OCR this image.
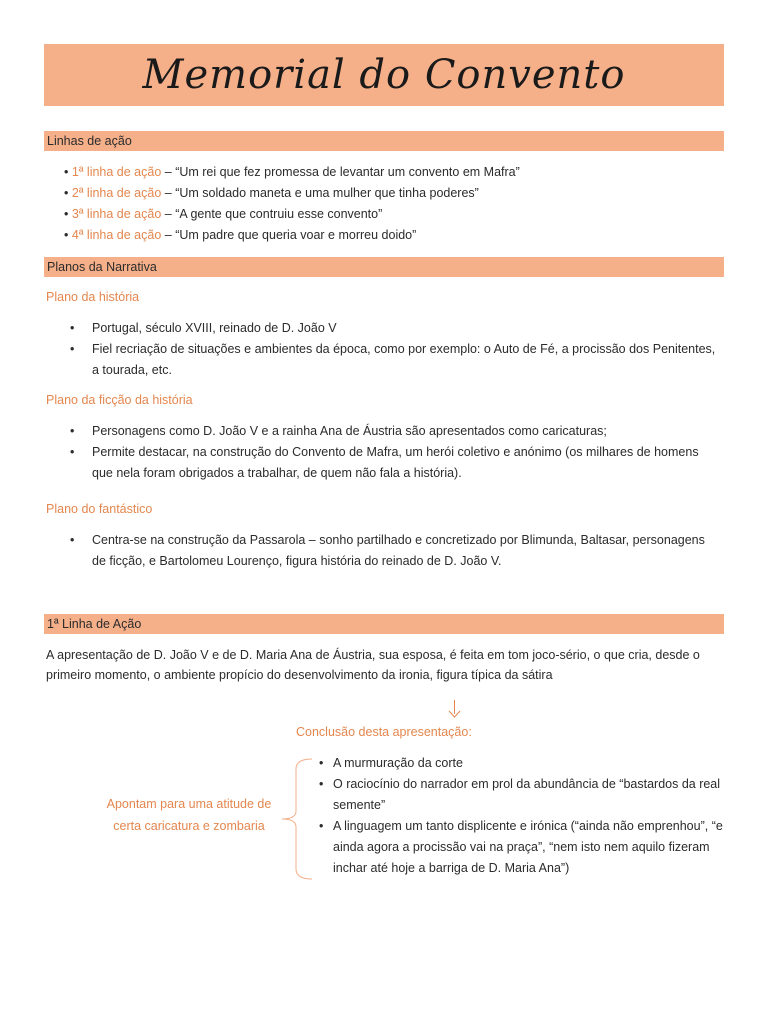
Memorial do Convento
Linhas de ação
• 1ª linha de ação – “Um rei que fez promessa de levantar um convento em Mafra”
• 2ª linha de ação – “Um soldado maneta e uma mulher que tinha poderes”
• 3ª linha de ação – “A gente que contruiu esse convento”
• 4ª linha de ação – “Um padre que queria voar e morreu doido”
Planos da Narrativa
Plano da história
• Portugal, século XVIII, reinado de D. João V
• Fiel recriação de situações e ambientes da época, como por exemplo: o Auto de Fé, a procissão dos Penitentes, a tourada, etc.
Plano da ficção da história
• Personagens como D. João V e a rainha Ana de Áustria são apresentados como caricaturas;
• Permite destacar, na construção do Convento de Mafra, um herói coletivo e anónimo (os milhares de homens que nela foram obrigados a trabalhar, de quem não fala a história).
Plano do fantástico
• Centra-se na construção da Passarola – sonho partilhado e concretizado por Blimunda, Baltasar, personagens de ficção, e Bartolomeu Lourenço, figura história do reinado de D. João V.
1ª Linha de Ação
A apresentação de D. João V e de D. Maria Ana de Áustria, sua esposa, é feita em tom joco-sério, o que cria, desde o primeiro momento, o ambiente propício do desenvolvimento da ironia, figura típica da sátira
Conclusão desta apresentação:
Apontam para uma atitude de certa caricatura e zombaria
• A murmuração da corte
• O raciocínio do narrador em prol da abundância de “bastardos da real semente”
• A linguagem um tanto displicente e irónica (“ainda não emprenhou”, “e ainda agora a procissão vai na praça”, “nem isto nem aquilo fizeram inchar até hoje a barriga de D. Maria Ana”)
